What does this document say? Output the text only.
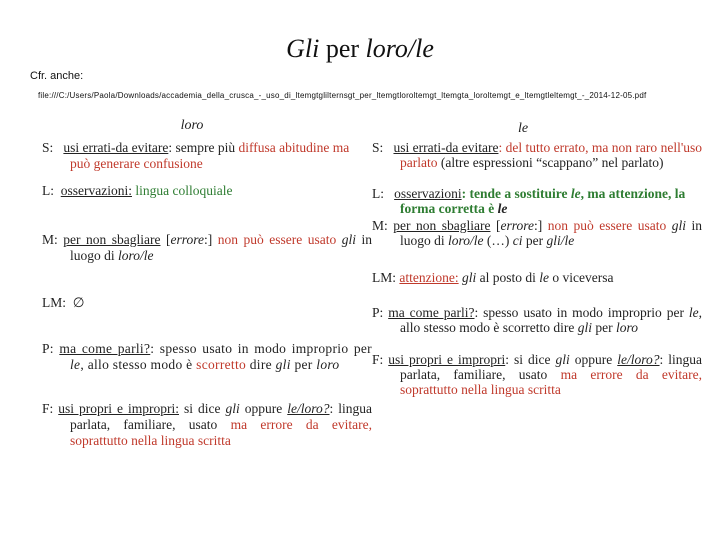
Gli per loro/le
Cfr. anche:
file:///C:/Users/Paola/Downloads/accademia_della_crusca_-_uso_di_ltemgtglilternsgt_per_ltemgtloroltemgt_ltemgta_loroltemgt_e_ltemgtleltemgt_-_2014-12-05.pdf
loro
S: usi errati-da evitare: sempre più diffusa abitudine ma può generare confusione
L: osservazioni: lingua colloquiale
M: per non sbagliare [errore:] non può essere usato gli in luogo di loro/le
LM: ∅
P: ma come parli?: spesso usato in modo improprio per le, allo stesso modo è scorretto dire gli per loro
F: usi propri e impropri: si dice gli oppure le/loro?: lingua parlata, familiare, usato ma errore da evitare, soprattutto nella lingua scritta
le
S: usi errati-da evitare: del tutto errato, ma non raro nell'uso parlato (altre espressioni “scappano” nel parlato)
L: osservazioni: tende a sostituire le, ma attenzione, la forma corretta è le
M: per non sbagliare [errore:] non può essere usato gli in luogo di loro/le (…) ci per gli/le
LM: attenzione: gli al posto di le o viceversa
P: ma come parli?: spesso usato in modo improprio per le, allo stesso modo è scorretto dire gli per loro
F: usi propri e impropri: si dice gli oppure le/loro?: lingua parlata, familiare, usato ma errore da evitare, soprattutto nella lingua scritta
